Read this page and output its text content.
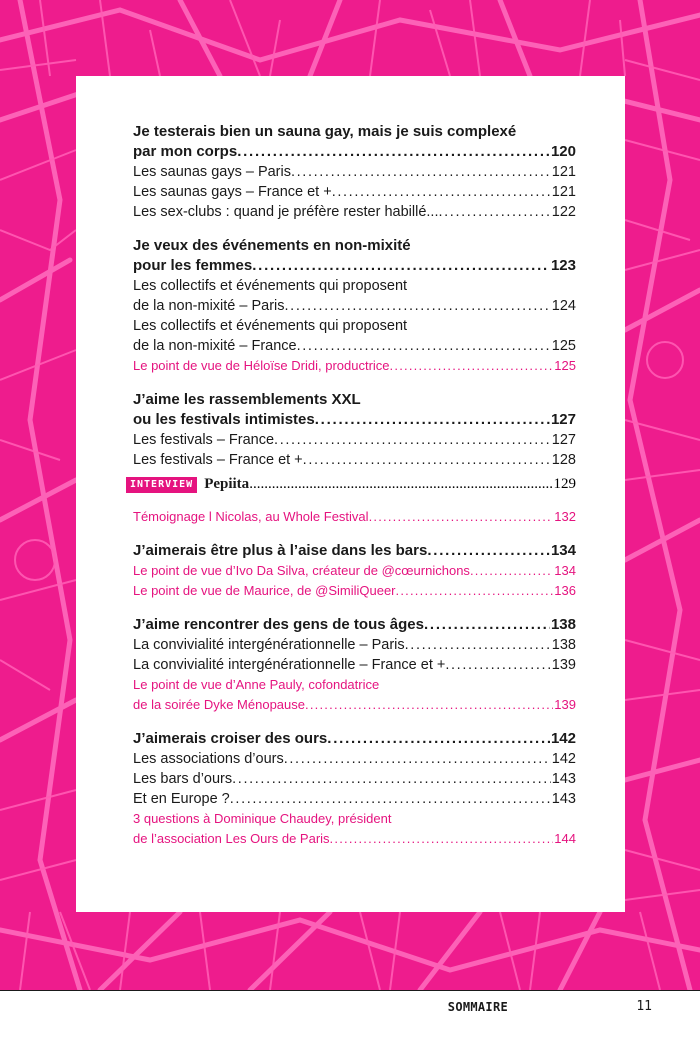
Je testerais bien un sauna gay, mais je suis complexé
par mon corps . . .	120
Les saunas gays – Paris . . .	121
Les saunas gays – France et + . . .	121
Les sex-clubs : quand je préfère rester habillé... . . .	122
Je veux des événements en non-mixité
pour les femmes . . .	123
Les collectifs et événements qui proposent
de la non-mixité – Paris . . .	124
Les collectifs et événements qui proposent
de la non-mixité – France . . .	125
Le point de vue de Héloïse Dridi, productrice . . .	125
J’aime les rassemblements XXL
ou les festivals intimistes . . .	127
Les festivals – France . . .	127
Les festivals – France et + . . .	128
INTERVIEW Pepiita .....	129
Témoignage l Nicolas, au Whole Festival . . .	132
J’aimerais être plus à l’aise dans les bars . . .	134
Le point de vue d’Ivo Da Silva, créateur de @cœurnichons . . .	134
Le point de vue de Maurice, de @SimiliQueer . . .	136
J’aime rencontrer des gens de tous âges . . .	138
La convivialité intergénérationnelle – Paris . . .	138
La convivialité intergénérationnelle – France et + . . .	139
Le point de vue d’Anne Pauly, cofondatrice
de la soirée Dyke Ménopause . . .	139
J’aimerais croiser des ours . . .	142
Les associations d’ours . . .	142
Les bars d’ours . . .	143
Et en Europe ? . . .	143
3 questions à Dominique Chaudey, président
de l’association Les Ours de Paris . . .	144
SOMMAIRE	11
